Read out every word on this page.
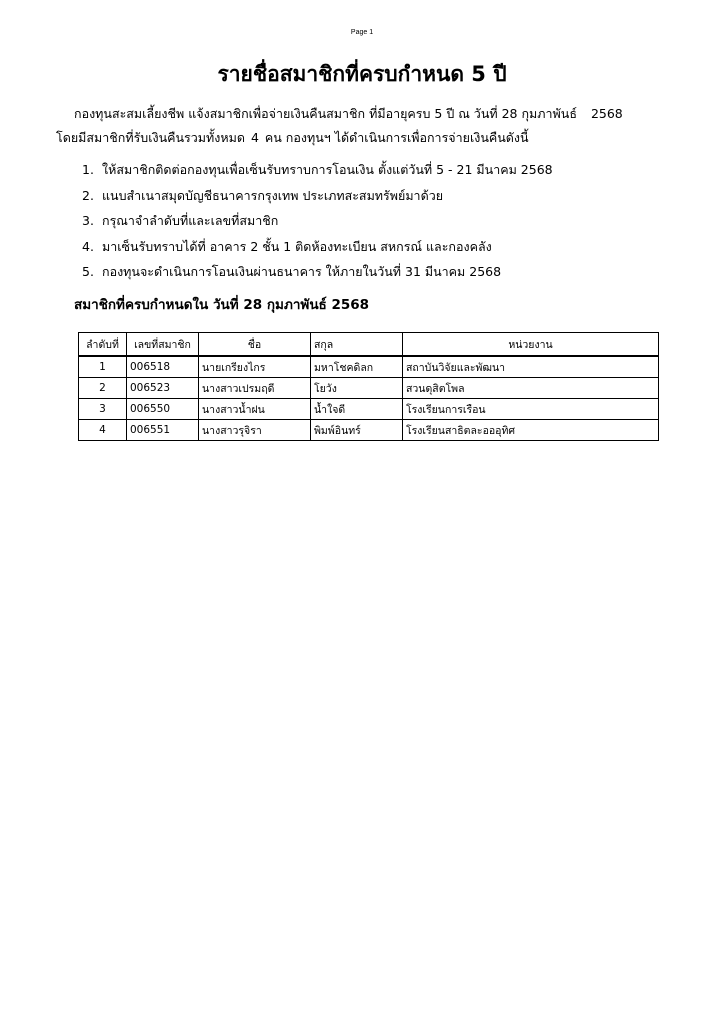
Page 1
รายชื่อสมาชิกที่ครบกำหนด 5 ปี

กองทุนสะสมเลี้ยงชีพ แจ้งสมาชิกเพื่อจ่ายเงินคืนสมาชิก ที่มีอายุครบ 5 ปี ณ วันที่ 28 กุมภาพันธ์ 2568

โดยมีสมาชิกที่รับเงินคืนรวมทั้งหมด 4 คน กองทุนฯ ได้ดำเนินการเพื่อการจ่ายเงินคืนดังนี้

1. ให้สมาชิกติดต่อกองทุนเพื่อเซ็นรับทราบการโอนเงิน ตั้งแต่วันที่ 5 - 21 มีนาคม 2568
2. แนบสำเนาสมุดบัญชีธนาคารกรุงเทพ ประเภทสะสมทรัพย์มาด้วย
3. กรุณาจำลำดับที่และเลขที่สมาชิก
4. มาเซ็นรับทราบได้ที่ อาคาร 2 ชั้น 1 ติดห้องทะเบียน สหกรณ์ และกองคลัง
5. กองทุนจะดำเนินการโอนเงินผ่านธนาคาร ให้ภายในวันที่ 31 มีนาคม 2568
สมาชิกที่ครบกำหนดใน วันที่ 28 กุมภาพันธ์ 2568
ลำดับที่	เลขที่สมาชิก	ชื่อ	สกุล	หน่วยงาน
1	006518	นายเกรียงไกร	มหาโชคดิลก	สถาบันวิจัยและพัฒนา
2	006523	นางสาวเปรมฤดี	โยวัง	สวนดุสิตโพล
3	006550	นางสาวน้ำฝน	น้ำใจดี	โรงเรียนการเรือน
4	006551	นางสาวรุจิรา	พิมพ์อินทร์	โรงเรียนสาธิตละอออุทิศ
